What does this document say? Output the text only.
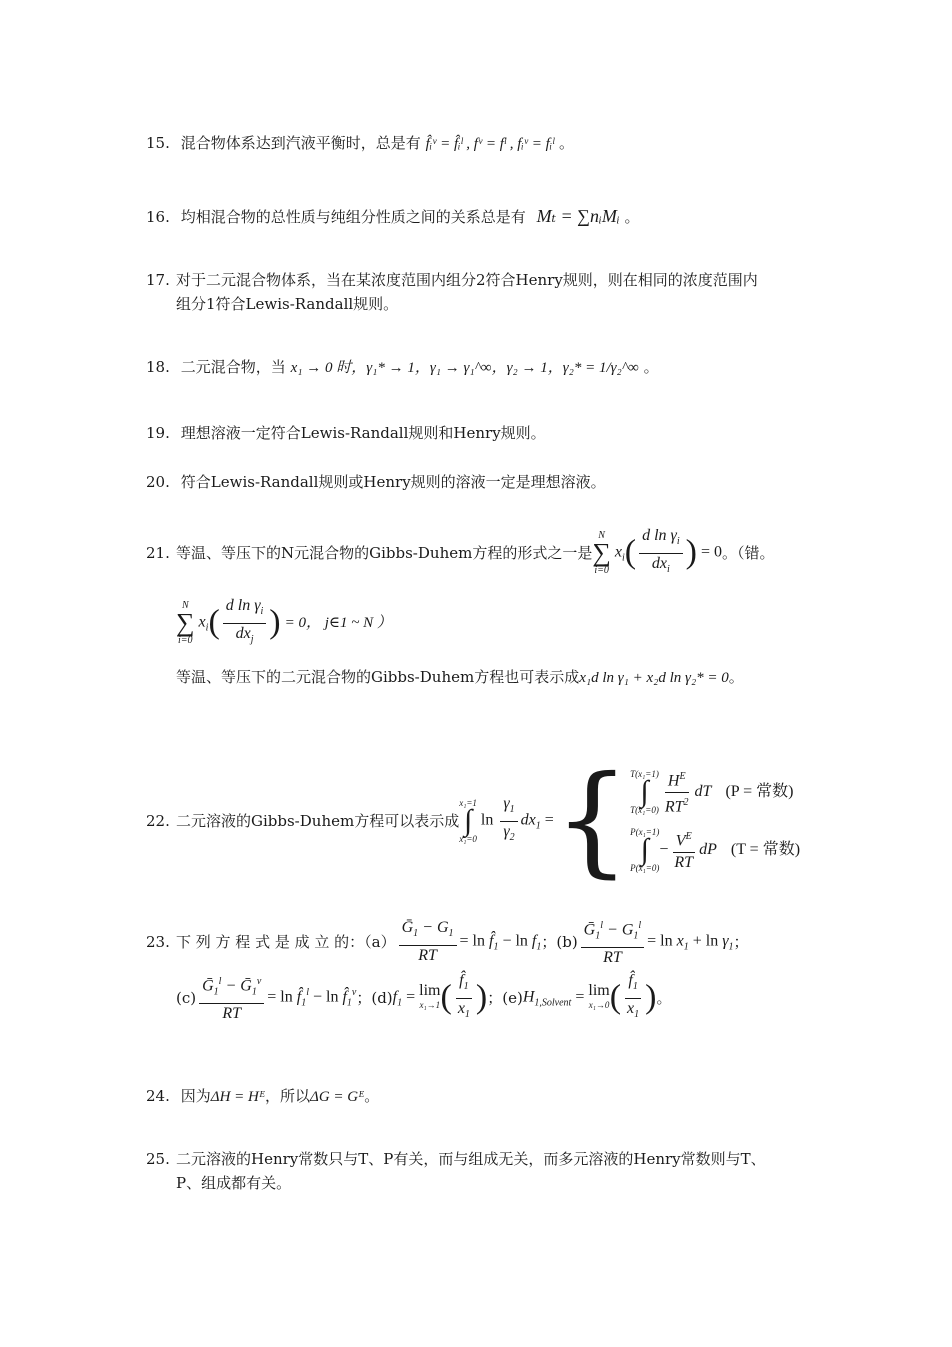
15. 混合物体系达到汽液平衡时，总是有 f̂ᵢᵛ = f̂ᵢˡ , fᵛ = fˡ , fᵢᵛ = fᵢˡ 。
16. 均相混合物的总性质与纯组分性质之间的关系总是有 Mₜ = ∑nᵢMᵢ 。
17. 对于二元混合物体系，当在某浓度范围内组分2符合Henry规则，则在相同的浓度范围内
组分1符合Lewis-Randall规则。
18. 二元混合物，当 x₁ → 0 时，γ₁* → 1，γ₁ → γ₁^∞，γ₂ → 1，γ₂* = 1/γ₂^∞ 。
19. 理想溶液一定符合Lewis-Randall规则和Henry规则。
20. 符合Lewis-Randall规则或Henry规则的溶液一定是理想溶液。
21. 等温、等压下的N元混合物的Gibbs-Duhem方程的形式之一是
N
∑
i=0
$x_i( \frac{d \ln \gamma_i}{dx_i}$ ) = 0 。（错。
N
∑
i=0
$x_i( \frac{d \ln \gamma_i}{dx_j}$ ) = 0， j∈1 ~ N ）
等温、等压下的二元混合物的Gibbs-Duhem方程也可表示成x₁d ln γ₁ + x₂d ln γ₂* = 0。
22. 二元溶液的Gibbs-Duhem方程可以表示成
x₁=1
∫
x₁=0
$\ln \frac{\gamma_1}{\gamma_2} dx_1$ = { T(x₁=1)
∫
$T(x_1=0) \frac{H^E}{RT^2}$ dT (P = 常数)
P(x₁=1)
∫
P(x₁=0)
− $\frac{V^E}{RT}$ dP (T = 常数)
23. 下 列 方 程 式 是 成 立 的：$(a) \frac{Ḡ_1 - G_1}{RT} = \ln$ $f̂_1 - \ln f_1$ ；$(b) \frac{Ḡ_1^l - G_1^l}{RT} = \ln x_1 + \ln \gamma_1$ ；
$(c) \frac{Ḡ_1^l - Ḡ_1^v}{RT} = \ln$ $f̂_1^l - \ln$ $f̂_1^v$ ；(d) $f_1 = \lim$
x₁→1 ( $\frac{f̂_1}{x_1}$ ) ；(e) $H_{1,Solvent} = \lim$
x₁→0 ( $\frac{f̂_1}{x_1}$ ) 。
24. 因为ΔH = Hᴱ，所以ΔG = Gᴱ。
25. 二元溶液的Henry常数只与T、P有关，而与组成无关，而多元溶液的Henry常数则与T、
P、组成都有关。
